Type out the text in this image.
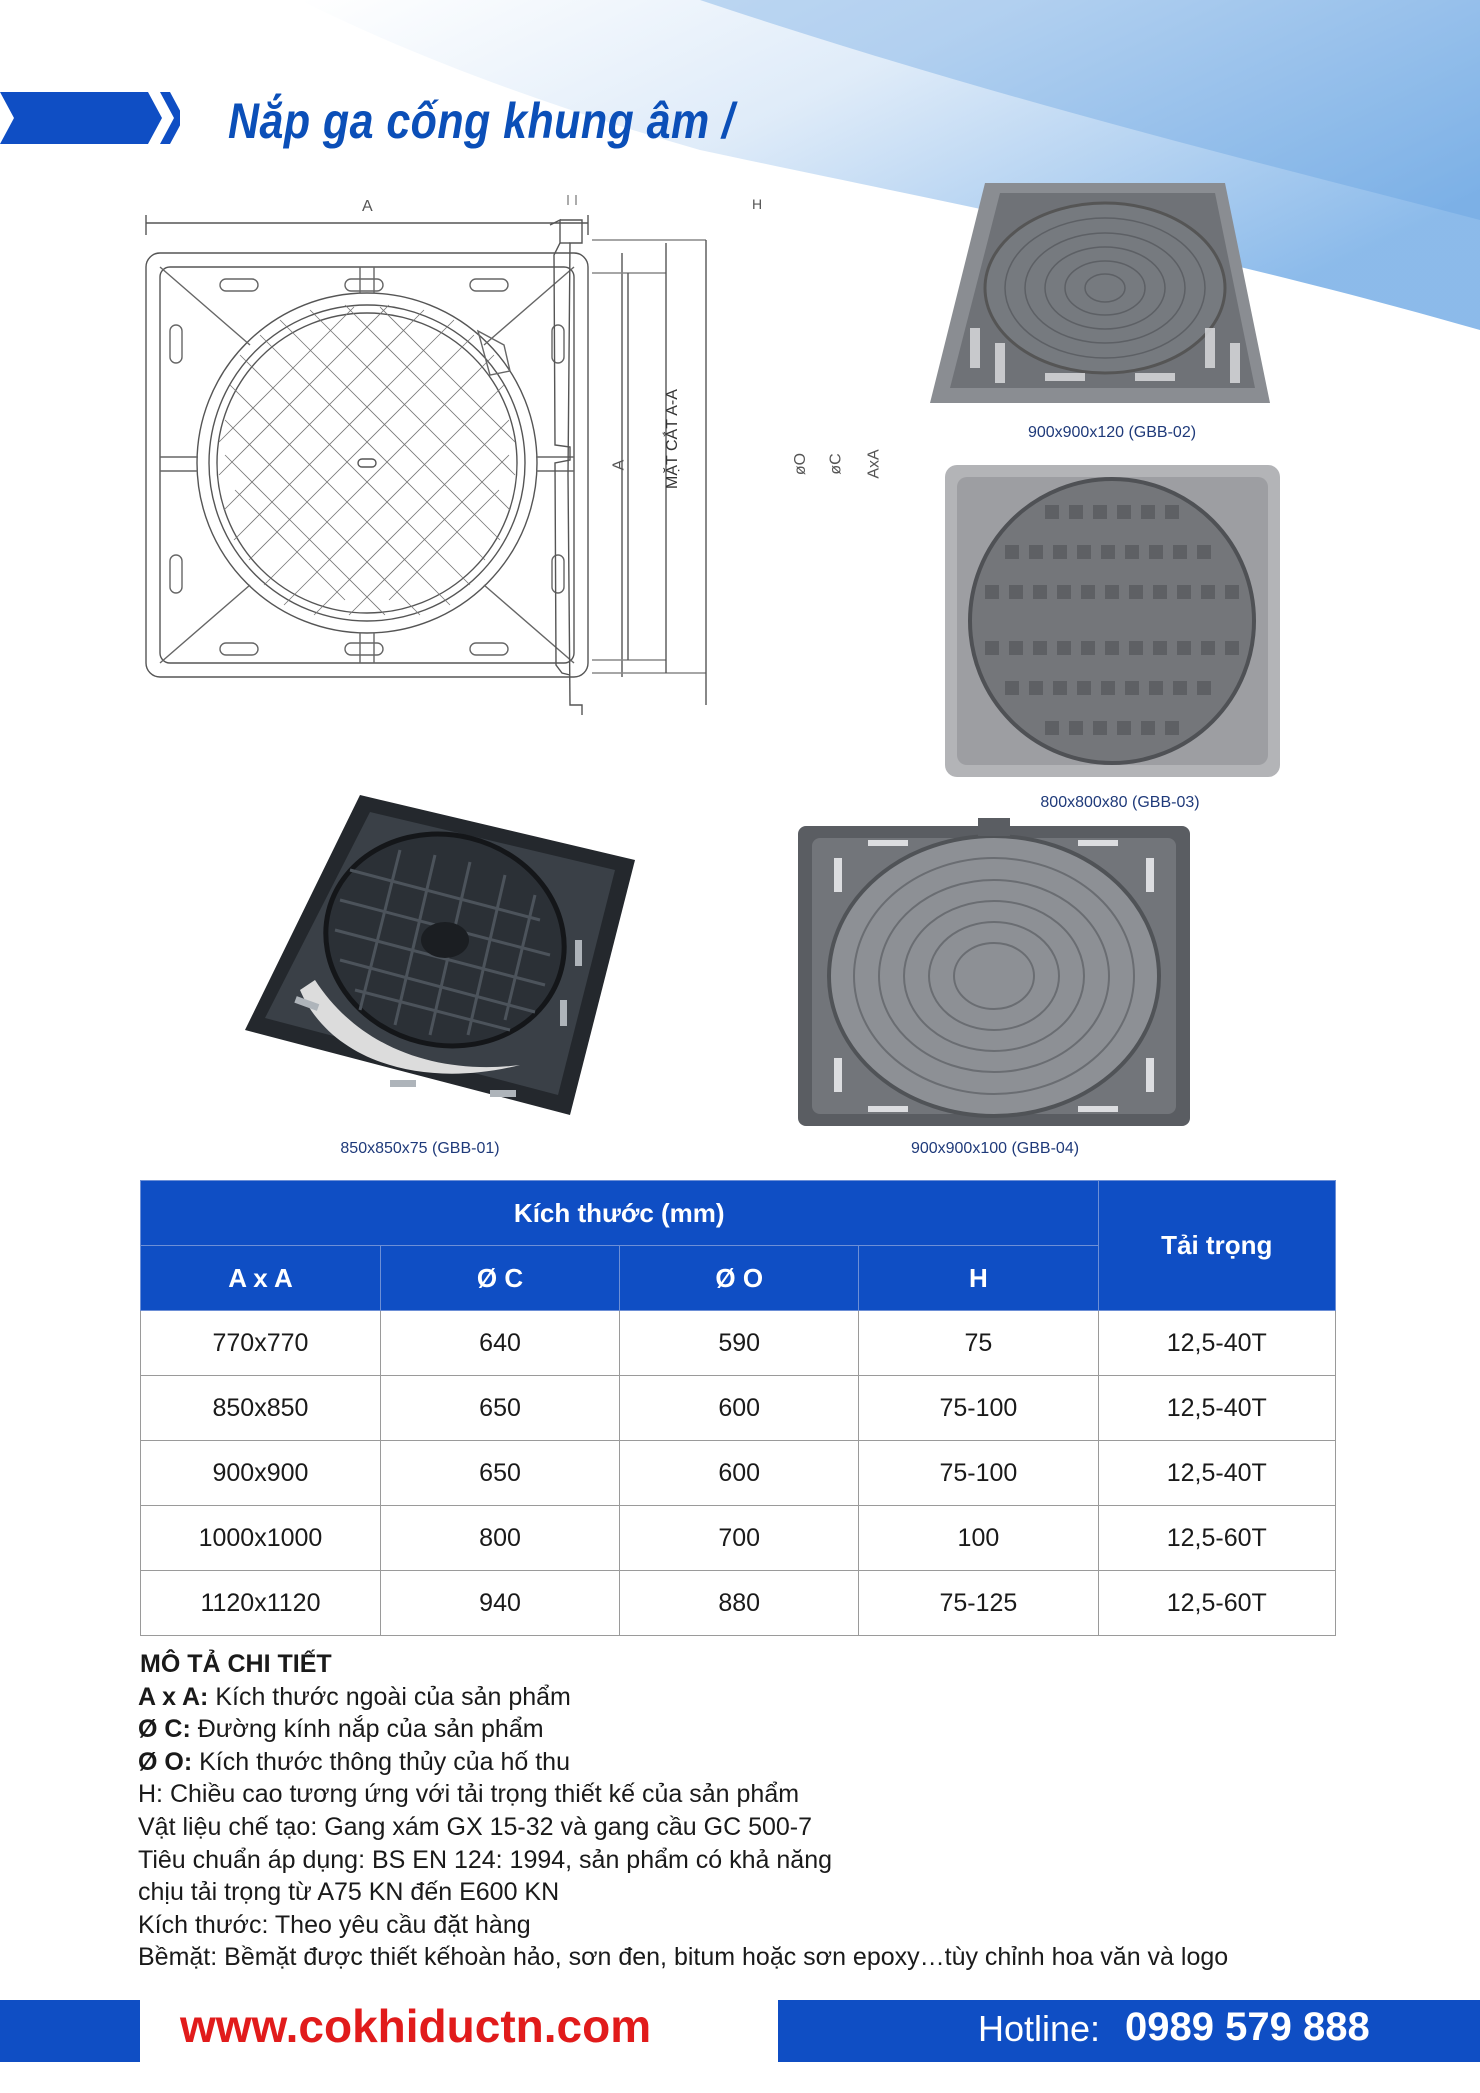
Nắp ga cống khung âm /
A
A
H
MẶT CẮT A-A	øO øC AxA
900x900x120 (GBB-02)
800x800x80 (GBB-03)
850x850x75 (GBB-01)	900x900x100 (GBB-04)
Kích thước (mm)				Tải trọng
A x A	Ø C	Ø O	H	
770x770	640	590	75	12,5-40T
850x850	650	600	75-100	12,5-40T
900x900	650	600	75-100	12,5-40T
1000x1000	800	700	100	12,5-60T
1120x1120	940	880	75-125	12,5-60T
MÔ TẢ CHI TIẾT
A x A: Kích thước ngoài của sản phẩm
Ø C: Đường kính nắp của sản phẩm
Ø O: Kích thước thông thủy của hố thu
H: Chiều cao tương ứng với tải trọng thiết kế của sản phẩm
Vật liệu chế tạo: Gang xám GX 15-32 và gang cầu GC 500-7
Tiêu chuẩn áp dụng: BS EN 124: 1994, sản phẩm có khả năng
chịu tải trọng từ A75 KN đến E600 KN
Kích thước: Theo yêu cầu đặt hàng
Bềmặt: Bềmặt được thiết kếhoàn hảo, sơn đen, bitum hoặc sơn epoxy…tùy chỉnh hoa văn và logo
www.cokhiductn.com	Hotline: 0989 579 888
